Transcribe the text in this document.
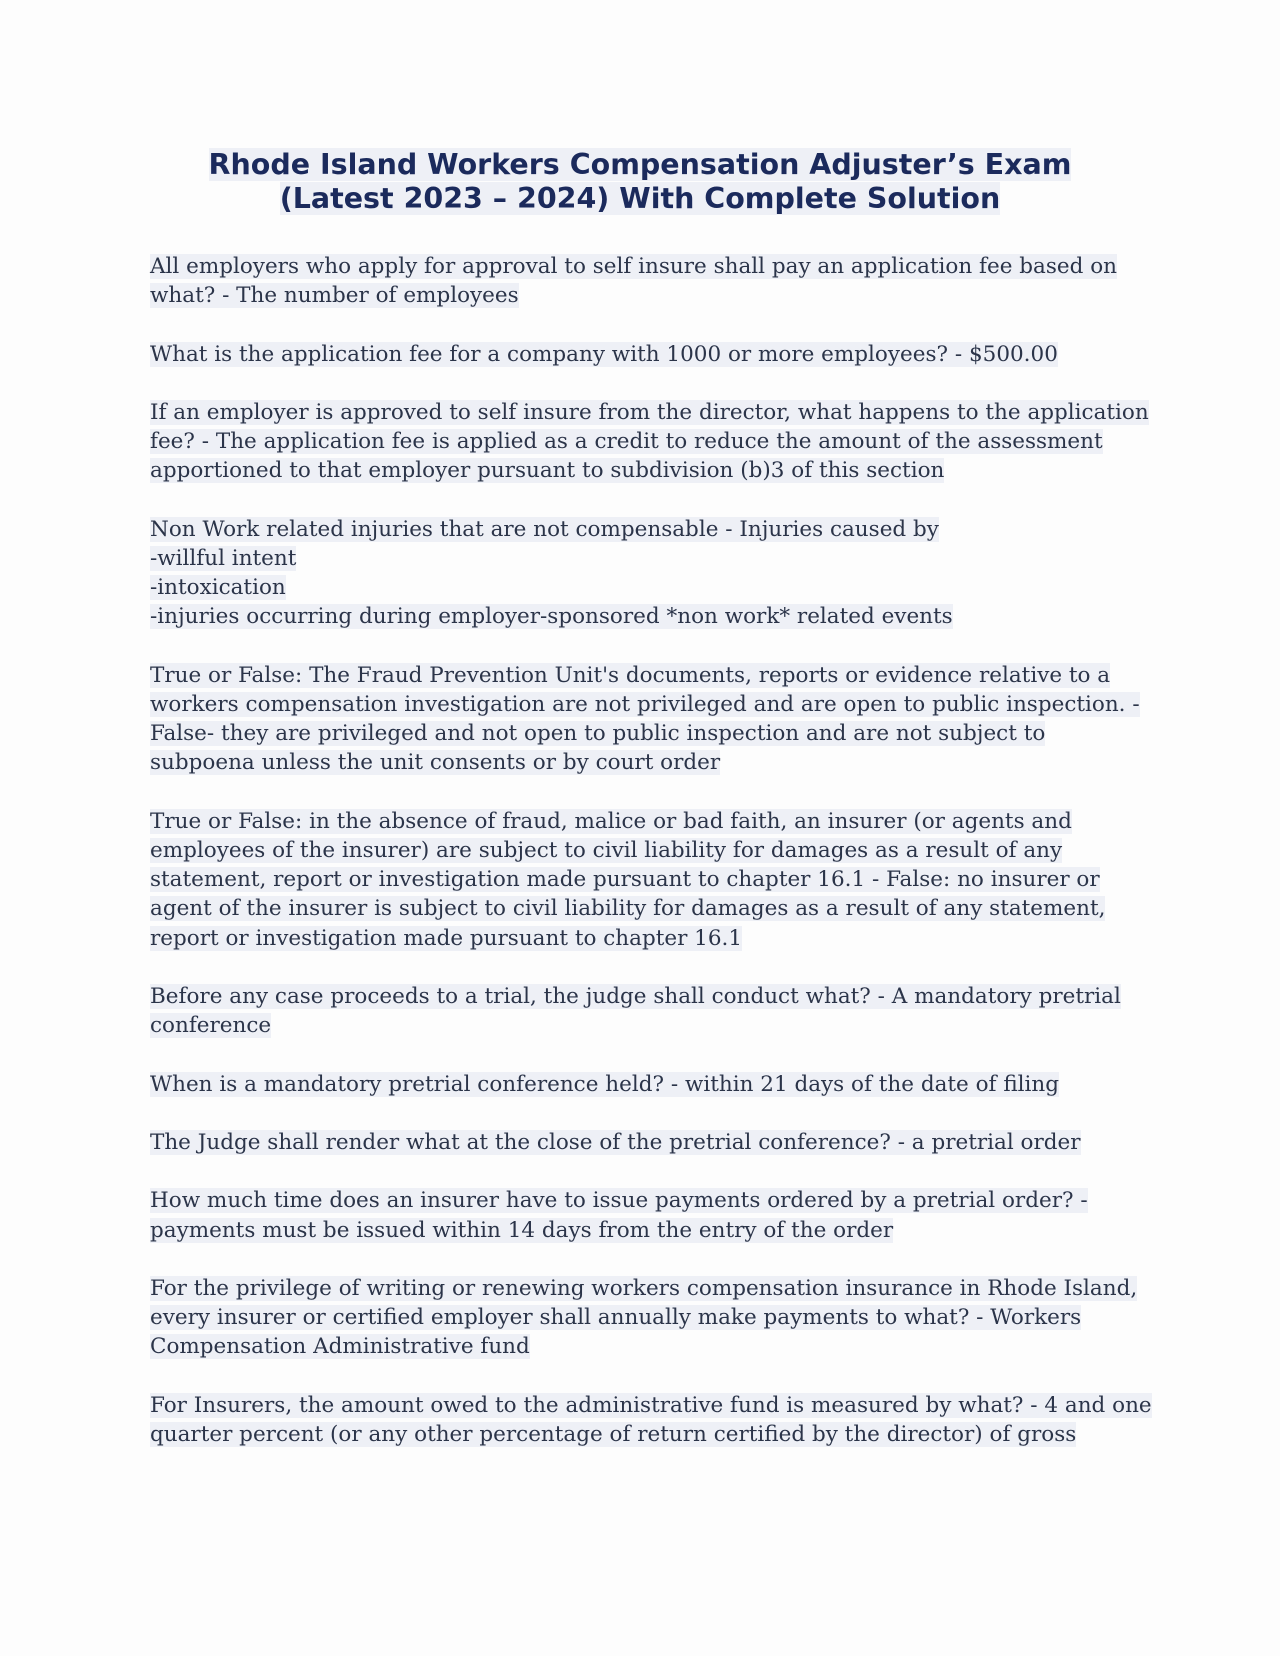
Rhode Island Workers Compensation Adjuster’s Exam
(Latest 2023 – 2024) With Complete Solution
All employers who apply for approval to self insure shall pay an application fee based on
what? - The number of employees
What is the application fee for a company with 1000 or more employees? - $500.00
If an employer is approved to self insure from the director, what happens to the application
fee? - The application fee is applied as a credit to reduce the amount of the assessment
apportioned to that employer pursuant to subdivision (b)3 of this section
Non Work related injuries that are not compensable - Injuries caused by
-willful intent
-intoxication
-injuries occurring during employer-sponsored *non work* related events
True or False: The Fraud Prevention Unit's documents, reports or evidence relative to a
workers compensation investigation are not privileged and are open to public inspection. -
False- they are privileged and not open to public inspection and are not subject to
subpoena unless the unit consents or by court order
True or False: in the absence of fraud, malice or bad faith, an insurer (or agents and
employees of the insurer) are subject to civil liability for damages as a result of any
statement, report or investigation made pursuant to chapter 16.1 - False: no insurer or
agent of the insurer is subject to civil liability for damages as a result of any statement,
report or investigation made pursuant to chapter 16.1
Before any case proceeds to a trial, the judge shall conduct what? - A mandatory pretrial
conference
When is a mandatory pretrial conference held? - within 21 days of the date of filing
The Judge shall render what at the close of the pretrial conference? - a pretrial order
How much time does an insurer have to issue payments ordered by a pretrial order? -
payments must be issued within 14 days from the entry of the order
For the privilege of writing or renewing workers compensation insurance in Rhode Island,
every insurer or certified employer shall annually make payments to what? - Workers
Compensation Administrative fund
For Insurers, the amount owed to the administrative fund is measured by what? - 4 and one
quarter percent (or any other percentage of return certified by the director) of gross
